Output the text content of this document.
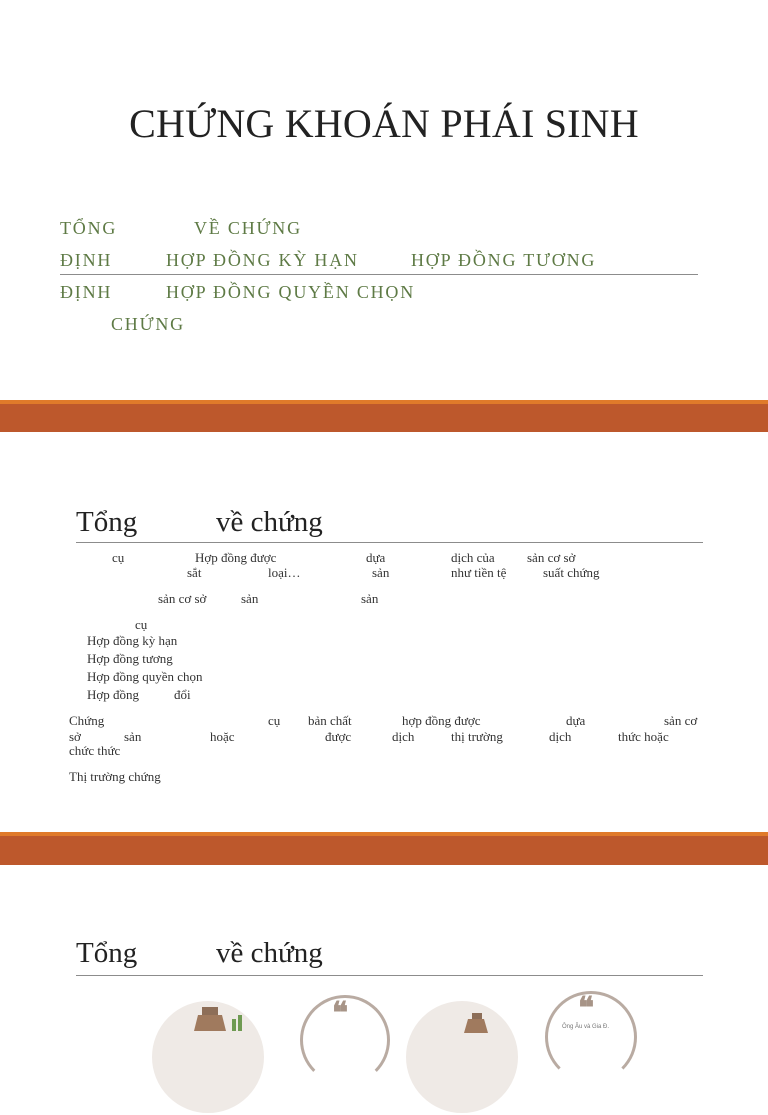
CHỨNG KHOÁN PHÁI SINH
TỔNG	VỀ CHỨNG
ĐỊNH	HỢP ĐỒNG KỲ HẠN	HỢP ĐỒNG TƯƠNG
ĐỊNH	HỢP ĐỒNG QUYỀN CHỌN
CHỨNG
Tổng	về chứng
cụ	Hợp đồng được	dựa	dịch của sản cơ sở
sắt	loại…	sản	như tiền tệ	suất chứng
sản cơ sở	sản	sản
cụ
Hợp đồng kỳ hạn
Hợp đồng tương
Hợp đồng quyền chọn
Hợp đồng	đổi
Chứng	cụ bản chất	hợp đồng được	dựa	sản cơ
sở	sản	hoặc	được	dịch	thị trường	dịch	thức hoặc
chức thức
Thị trường chứng
Tổng	về chứng
❝	❝
Ông Âu và Gia Đ.
